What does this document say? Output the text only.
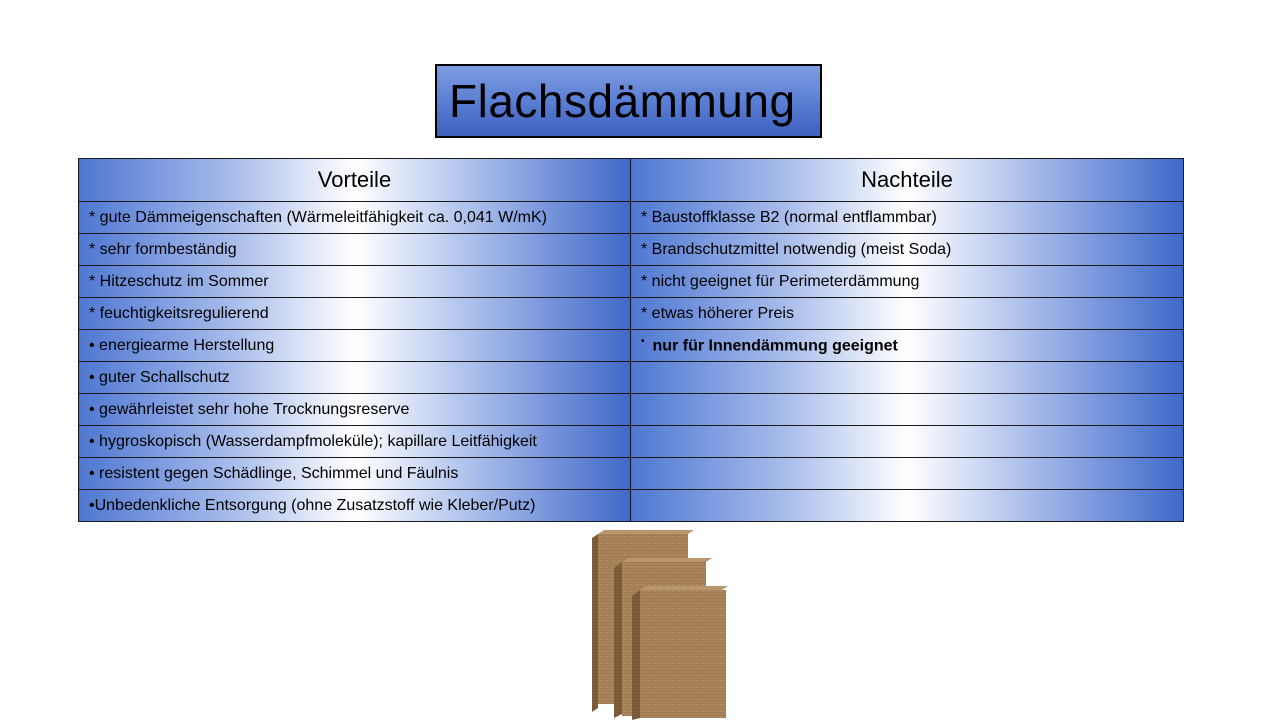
Flachsdämmung
Vorteile	Nachteile
* gute Dämmeigenschaften (Wärmeleitfähigkeit ca. 0,041 W/mK)	* Baustoffklasse B2 (normal entflammbar)
* sehr formbeständig	* Brandschutzmittel notwendig (meist Soda)
* Hitzeschutz im Sommer	* nicht geeignet für Perimeterdämmung
* feuchtigkeitsregulierend	* etwas höherer Preis
• energiearme Herstellung	• nur für Innendämmung geeignet
• guter Schallschutz	
• gewährleistet sehr hohe Trocknungsreserve	
• hygroskopisch (Wasserdampfmoleküle); kapillare Leitfähigkeit	
• resistent gegen Schädlinge, Schimmel und Fäulnis	
•Unbedenkliche Entsorgung (ohne Zusatzstoff wie Kleber/Putz)	
